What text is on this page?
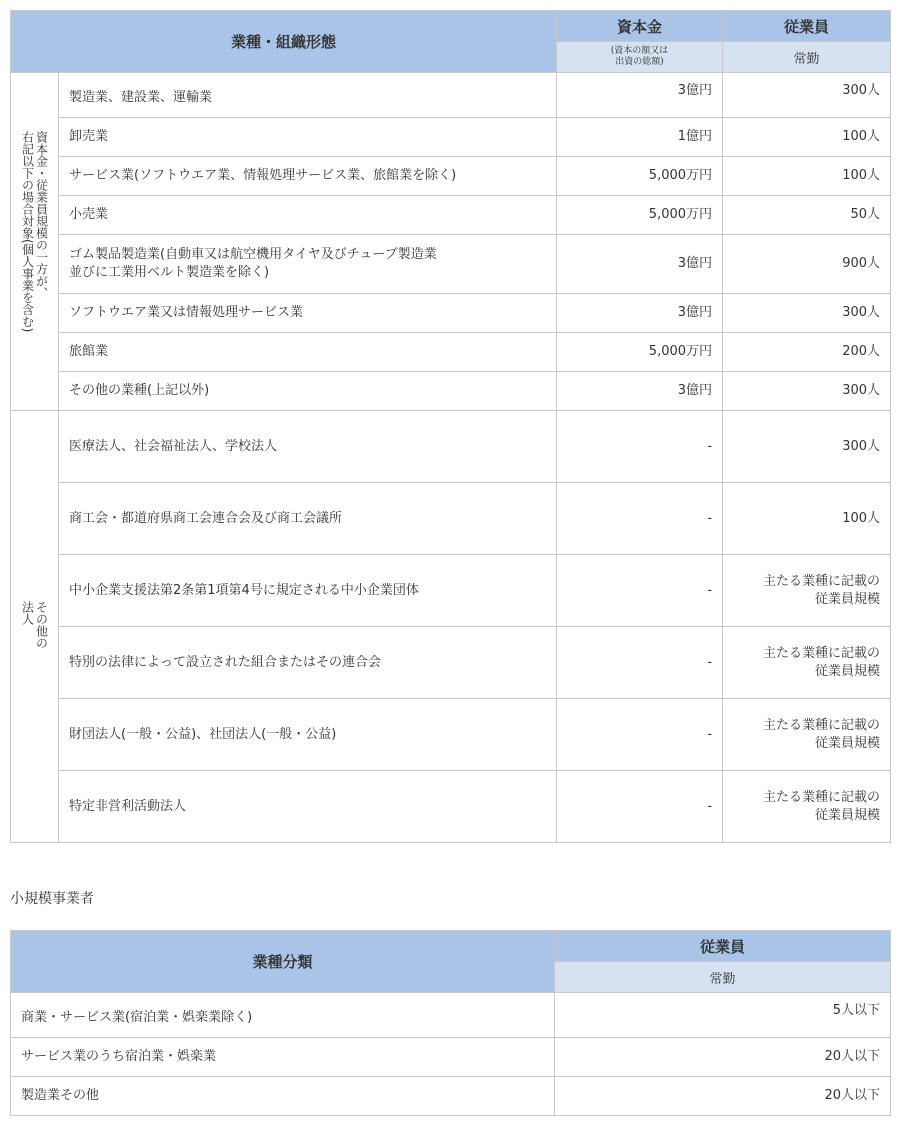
業種・組織形態		資本金	従業員
		(資本の額又は
出資の総額)	常勤
資本金・従業員規模の一方が、
右記以下の場合対象(個人事業を含む)	製造業、建設業、運輸業	3億円	300人
	卸売業	1億円	100人
	サービス業(ソフトウエア業、情報処理サービス業、旅館業を除く)	5,000万円	100人
	小売業	5,000万円	50人
	ゴム製品製造業(自動車又は航空機用タイヤ及びチューブ製造業
並びに工業用ベルト製造業を除く)	3億円	900人
	ソフトウエア業又は情報処理サービス業	3億円	300人
	旅館業	5,000万円	200人
	その他の業種(上記以外)	3億円	300人
その他の
法人	医療法人、社会福祉法人、学校法人	-	300人
	商工会・都道府県商工会連合会及び商工会議所	-	100人
	中小企業支援法第2条第1項第4号に規定される中小企業団体	-	主たる業種に記載の
従業員規模
	特別の法律によって設立された組合またはその連合会	-	主たる業種に記載の
従業員規模
	財団法人(一般・公益)、社団法人(一般・公益)	-	主たる業種に記載の
従業員規模
	特定非営利活動法人	-	主たる業種に記載の
従業員規模
小規模事業者
業種分類	従業員
	常勤
商業・サービス業(宿泊業・娯楽業除く)	5人以下
サービス業のうち宿泊業・娯楽業	20人以下
製造業その他	20人以下
